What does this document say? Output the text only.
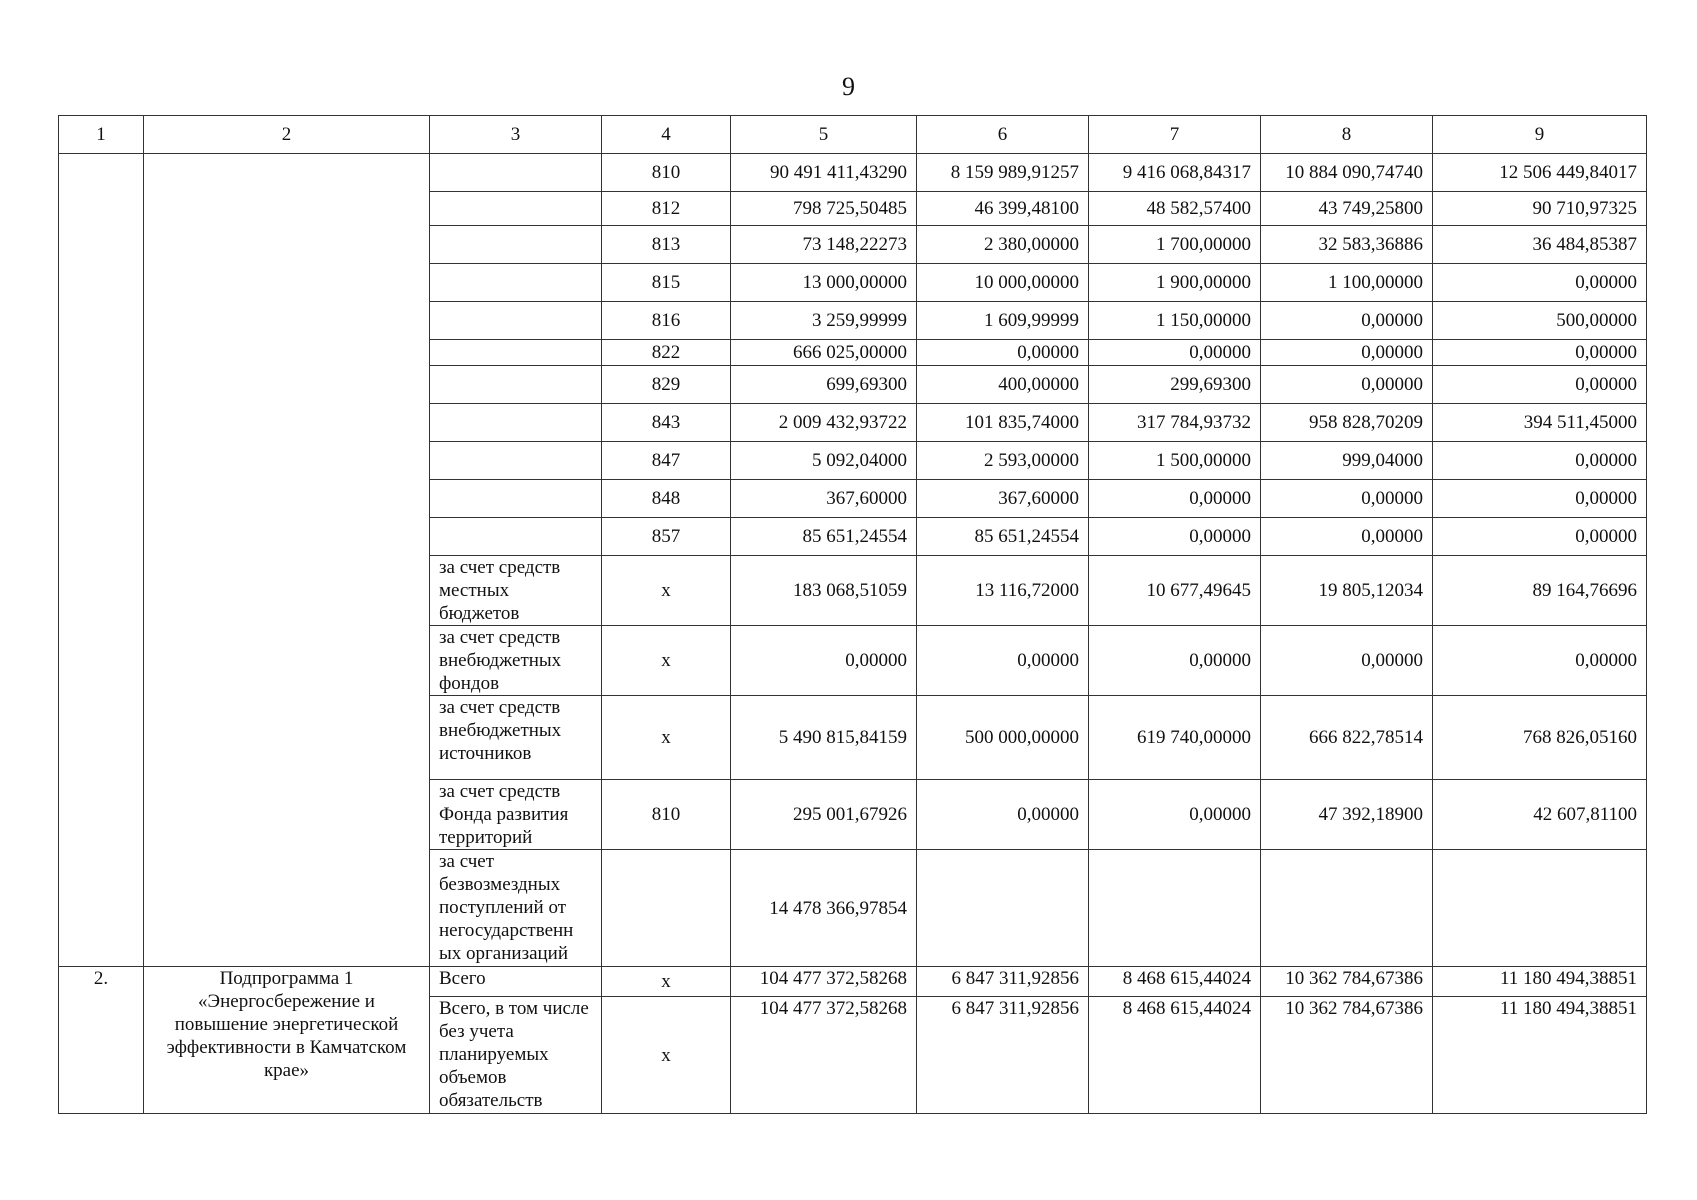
9
1	2	3	4	5	6	7	8	9
			810	90 491 411,43290	8 159 989,91257	9 416 068,84317	10 884 090,74740	12 506 449,84017
			812	798 725,50485	46 399,48100	48 582,57400	43 749,25800	90 710,97325
			813	73 148,22273	2 380,00000	1 700,00000	32 583,36886	36 484,85387
			815	13 000,00000	10 000,00000	1 900,00000	1 100,00000	0,00000
			816	3 259,99999	1 609,99999	1 150,00000	0,00000	500,00000
			822	666 025,00000	0,00000	0,00000	0,00000	0,00000
			829	699,69300	400,00000	299,69300	0,00000	0,00000
			843	2 009 432,93722	101 835,74000	317 784,93732	958 828,70209	394 511,45000
			847	5 092,04000	2 593,00000	1 500,00000	999,04000	0,00000
			848	367,60000	367,60000	0,00000	0,00000	0,00000
			857	85 651,24554	85 651,24554	0,00000	0,00000	0,00000
		за счет средств местных бюджетов	х	183 068,51059	13 116,72000	10 677,49645	19 805,12034	89 164,76696
		за счет средств внебюджетных фондов	х	0,00000	0,00000	0,00000	0,00000	0,00000
		за счет средств внебюджетных источников	х	5 490 815,84159	500 000,00000	619 740,00000	666 822,78514	768 826,05160
		за счет средств Фонда развития территорий	810	295 001,67926	0,00000	0,00000	47 392,18900	42 607,81100
		за счет безвозмездных поступлений от негосударственн ых организаций		14 478 366,97854				
2.	Подпрограмма 1 «Энергосбережение и повышение энергетической эффективности в Камчатском крае»	Всего	х	104 477 372,58268	6 847 311,92856	8 468 615,44024	10 362 784,67386	11 180 494,38851
		Всего, в том числе без учета планируемых объемов обязательств	х	104 477 372,58268	6 847 311,92856	8 468 615,44024	10 362 784,67386	11 180 494,38851
